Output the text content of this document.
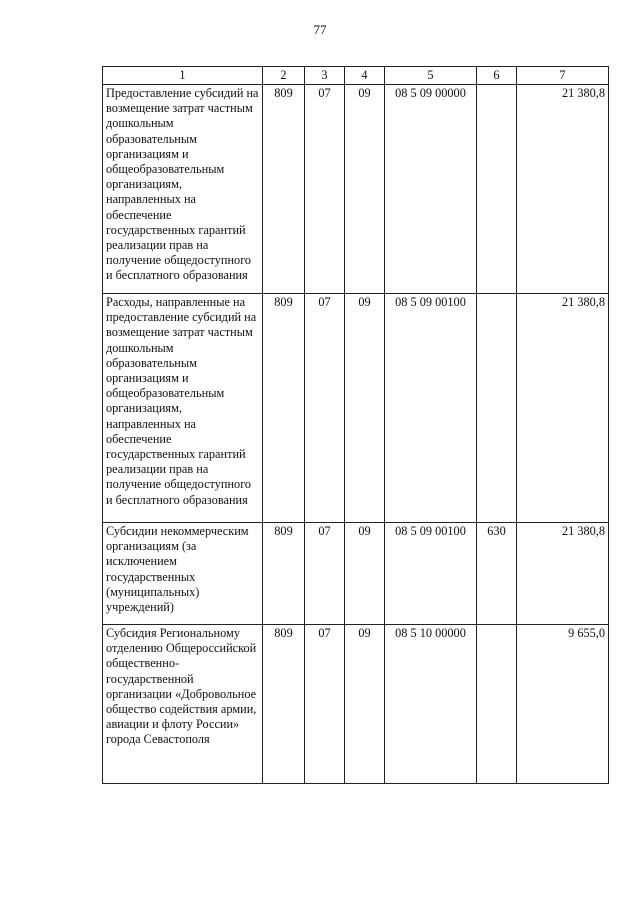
77
1	2	3	4	5	6	7
Предоставление субсидий на возмещение затрат частным дошкольным образовательным организациям и общеобразовательным организациям, направленных на обеспечение государственных гарантий реализации прав на получение общедоступного и бесплатного образования	809	07	09	08 5 09 00000		21 380,8
Расходы, направленные на предоставление субсидий на возмещение затрат частным дошкольным образовательным организациям и общеобразовательным организациям, направленных на обеспечение государственных гарантий реализации прав на получение общедоступного и бесплатного образования	809	07	09	08 5 09 00100		21 380,8
Субсидии некоммерческим организациям (за исключением государственных (муниципальных) учреждений)	809	07	09	08 5 09 00100	630	21 380,8
Субсидия Региональному отделению Общероссийской общественно-государственной организации «Добровольное общество содействия армии, авиации и флоту России» города Севастополя	809	07	09	08 5 10 00000		9 655,0
